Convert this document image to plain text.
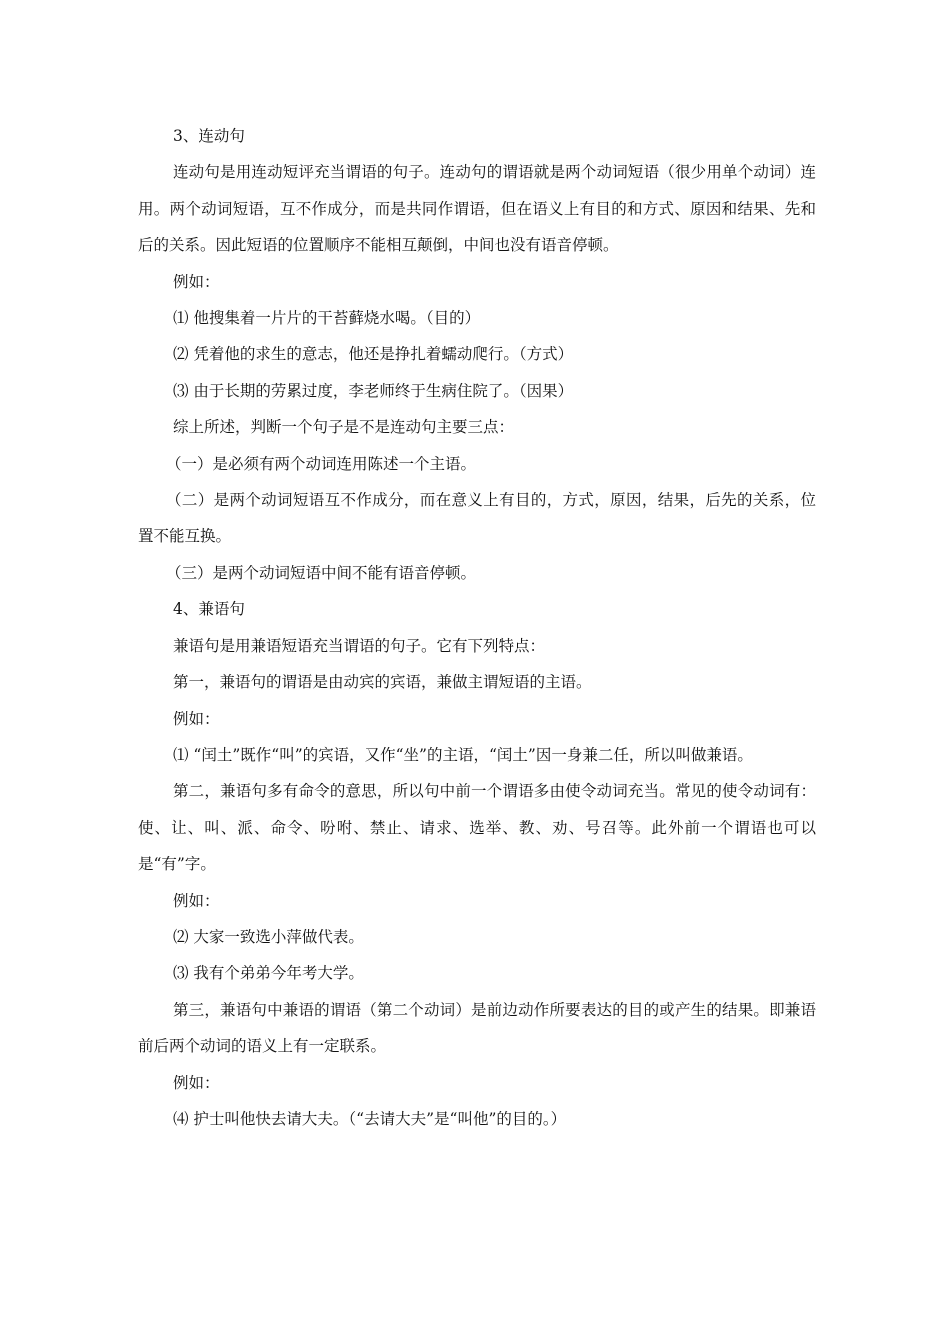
3、连动句

连动句是用连动短评充当谓语的句子。连动句的谓语就是两个动词短语（很少用单个动词）连用。两个动词短语，互不作成分，而是共同作谓语，但在语义上有目的和方式、原因和结果、先和后的关系。因此短语的位置顺序不能相互颠倒，中间也没有语音停顿。

例如：

⑴ 他搜集着一片片的干苔藓烧水喝。（目的）

⑵ 凭着他的求生的意志，他还是挣扎着蠕动爬行。（方式）

⑶ 由于长期的劳累过度，李老师终于生病住院了。（因果）

综上所述，判断一个句子是不是连动句主要三点：

（一）是必须有两个动词连用陈述一个主语。

（二）是两个动词短语互不作成分，而在意义上有目的，方式，原因，结果，后先的关系，位置不能互换。

（三）是两个动词短语中间不能有语音停顿。

4、兼语句

兼语句是用兼语短语充当谓语的句子。它有下列特点：

第一，兼语句的谓语是由动宾的宾语，兼做主谓短语的主语。

例如：

⑴ “闰土”既作“叫”的宾语，又作“坐”的主语，“闰土”因一身兼二任，所以叫做兼语。

第二，兼语句多有命令的意思，所以句中前一个谓语多由使令动词充当。常见的使令动词有：使、让、叫、派、命令、吩咐、禁止、请求、选举、教、劝、号召等。此外前一个谓语也可以是“有”字。

例如：

⑵ 大家一致选小萍做代表。

⑶ 我有个弟弟今年考大学。

第三，兼语句中兼语的谓语（第二个动词）是前边动作所要表达的目的或产生的结果。即兼语前后两个动词的语义上有一定联系。

例如：

⑷ 护士叫他快去请大夫。（“去请大夫”是“叫他”的目的。）
